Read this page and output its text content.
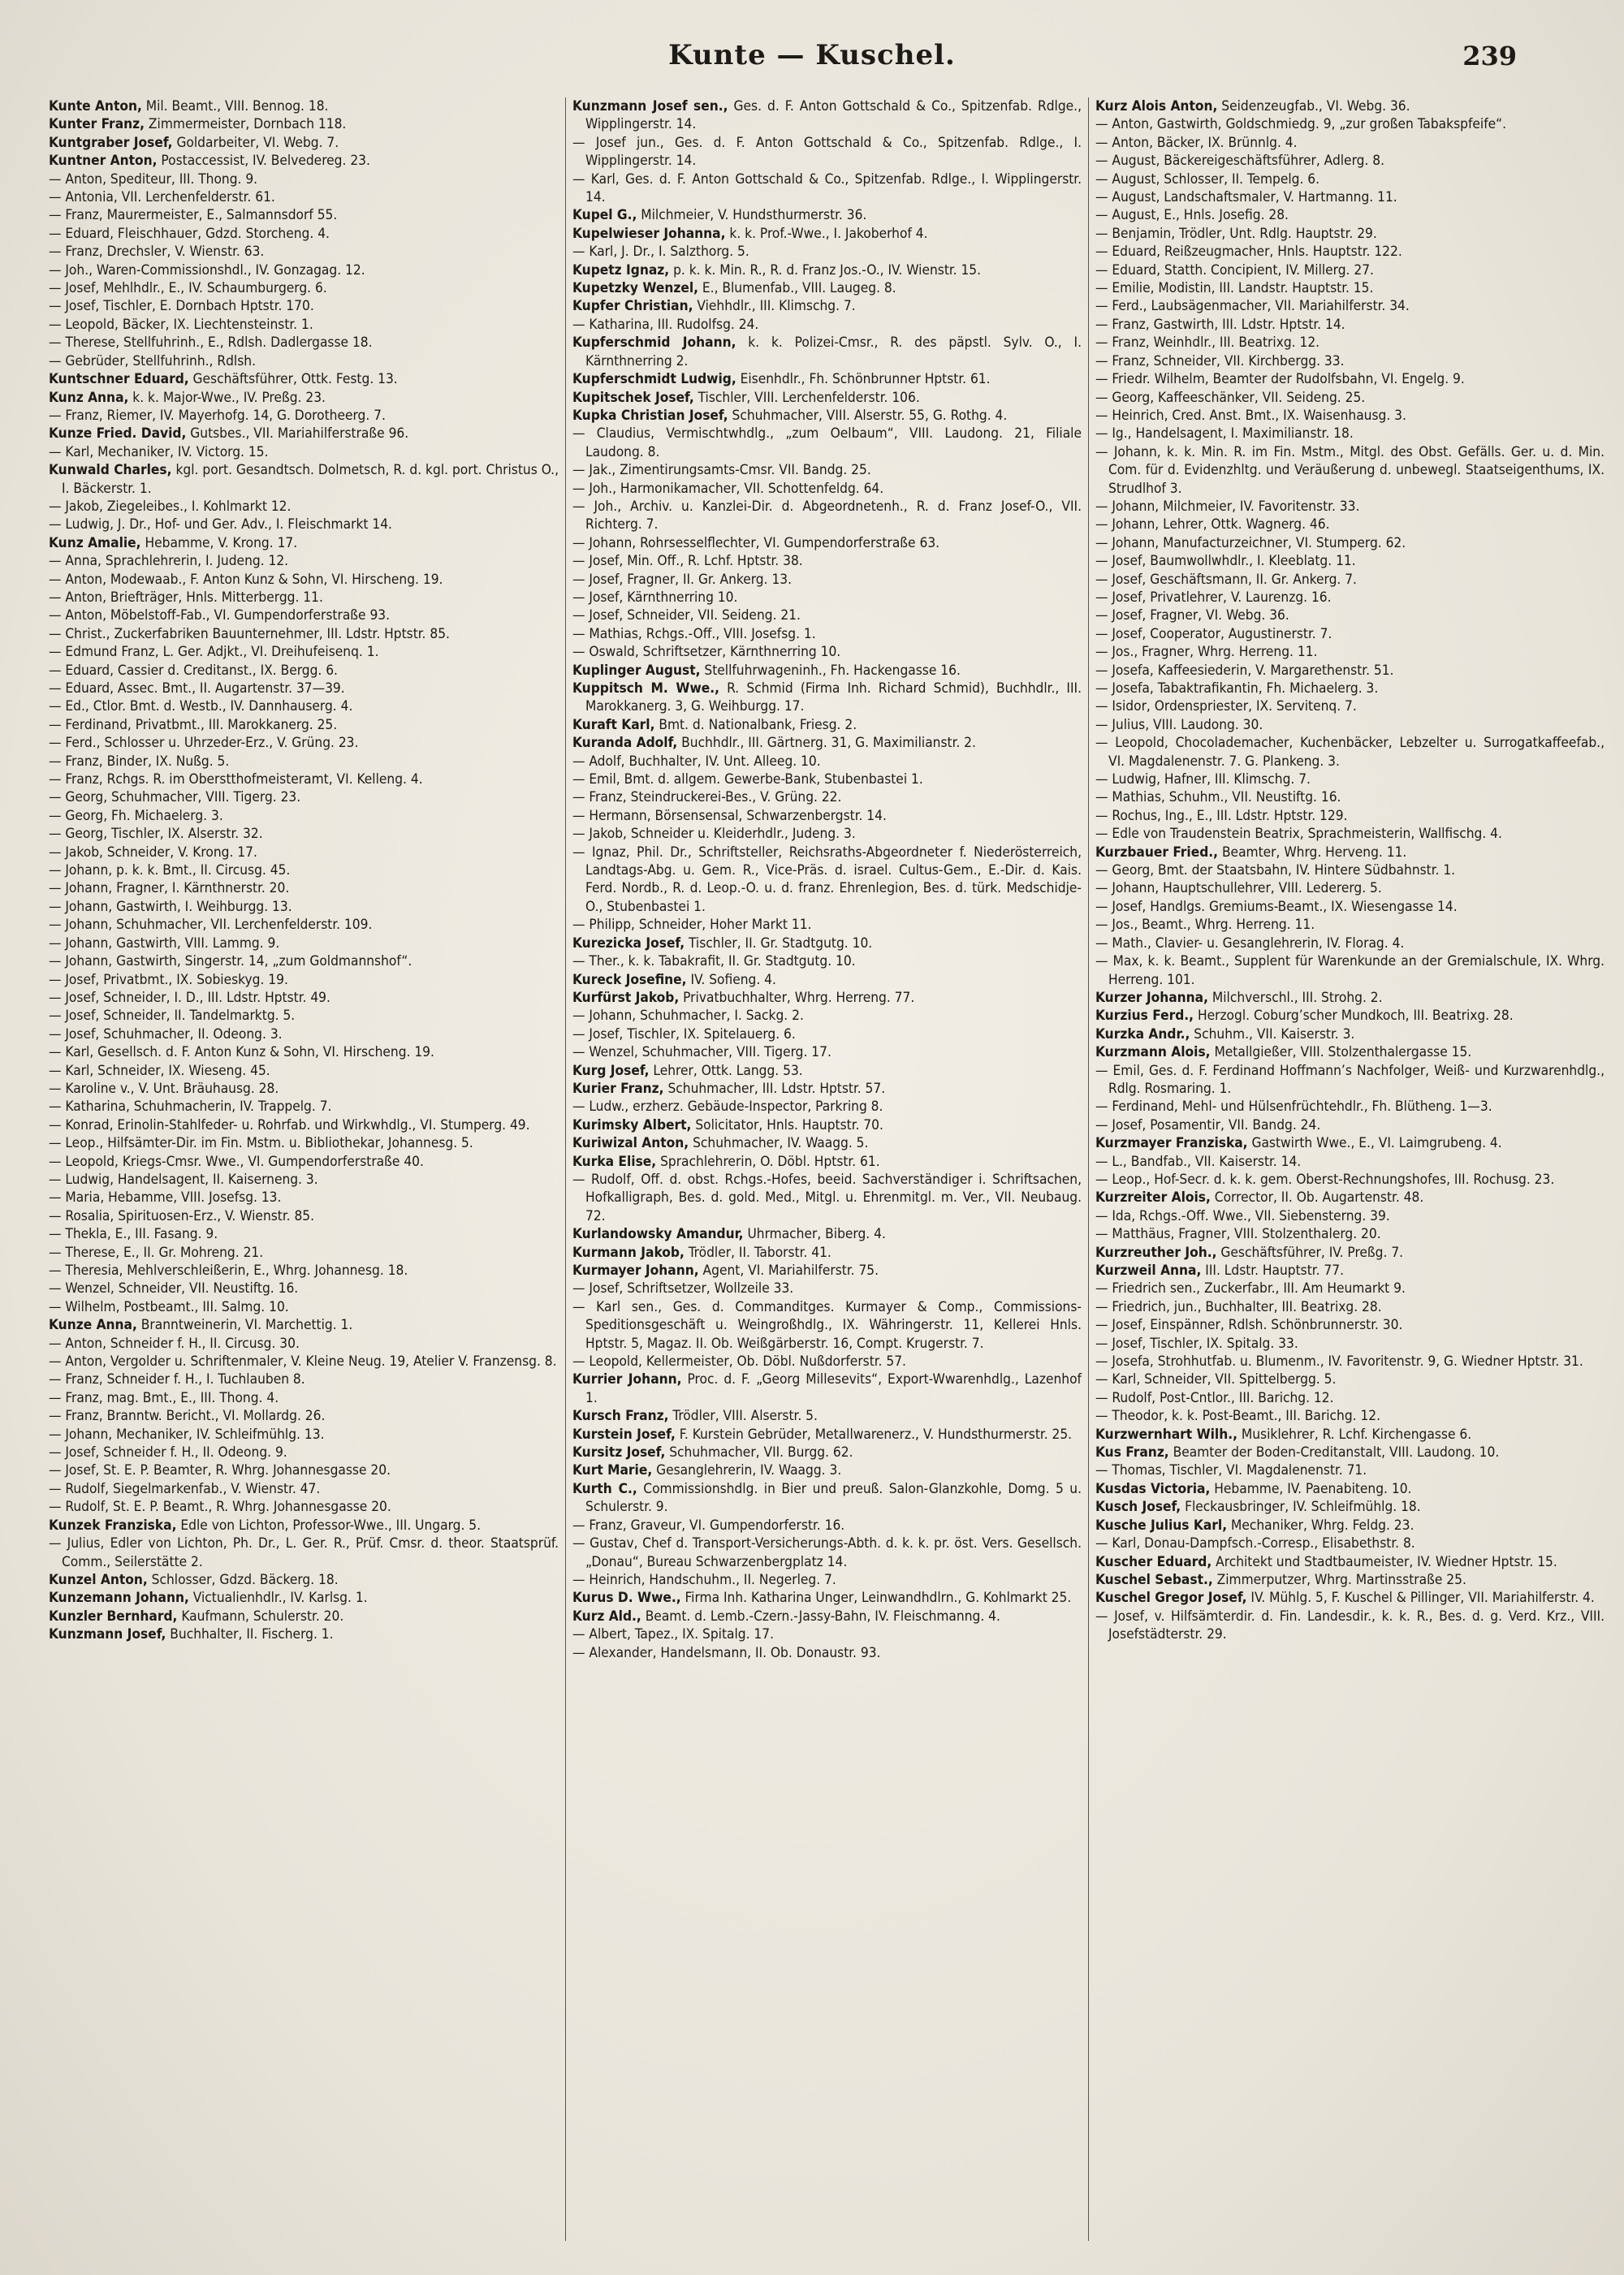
Kunte — Kuschel.	239

Kunte Anton, Mil. Beamt., VIII. Bennog. 18.

Kunter Franz, Zimmermeister, Dornbach 118.

Kuntgraber Josef, Goldarbeiter, VI. Webg. 7.

Kuntner Anton, Postaccessist, IV. Belvedereg. 23.

— Anton, Spediteur, III. Thong. 9.

— Antonia, VII. Lerchenfelderstr. 61.

— Franz, Maurermeister, E., Salmannsdorf 55.

— Eduard, Fleischhauer, Gdzd. Storcheng. 4.

— Franz, Drechsler, V. Wienstr. 63.

— Joh., Waren-Commissionshdl., IV. Gonzagag. 12.

— Josef, Mehlhdlr., E., IV. Schaumburgerg. 6.

— Josef, Tischler, E. Dornbach Hptstr. 170.

— Leopold, Bäcker, IX. Liechtensteinstr. 1.

— Therese, Stellfuhrinh., E., Rdlsh. Dadlergasse 18.

— Gebrüder, Stellfuhrinh., Rdlsh.

Kuntschner Eduard, Geschäftsführer, Ottk. Festg. 13.

Kunz Anna, k. k. Major-Wwe., IV. Preßg. 23.

— Franz, Riemer, IV. Mayerhofg. 14, G. Dorotheerg. 7.

Kunze Fried. David, Gutsbes., VII. Mariahilferstraße 96.

— Karl, Mechaniker, IV. Victorg. 15.

Kunwald Charles, kgl. port. Gesandtsch. Dolmetsch, R. d. kgl. port. Christus O., I. Bäckerstr. 1.

— Jakob, Ziegeleibes., I. Kohlmarkt 12.

— Ludwig, J. Dr., Hof- und Ger. Adv., I. Fleischmarkt 14.

Kunz Amalie, Hebamme, V. Krong. 17.

— Anna, Sprachlehrerin, I. Judeng. 12.

— Anton, Modewaab., F. Anton Kunz & Sohn, VI. Hirscheng. 19.

— Anton, Briefträger, Hnls. Mitterbergg. 11.

— Anton, Möbelstoff-Fab., VI. Gumpendorferstraße 93.

— Christ., Zuckerfabriken Bauunternehmer, III. Ldstr. Hptstr. 85.

— Edmund Franz, L. Ger. Adjkt., VI. Dreihufeisenq. 1.

— Eduard, Cassier d. Creditanst., IX. Bergg. 6.

— Eduard, Assec. Bmt., II. Augartenstr. 37—39.

— Ed., Ctlor. Bmt. d. Westb., IV. Dannhauserg. 4.

— Ferdinand, Privatbmt., III. Marokkanerg. 25.

— Ferd., Schlosser u. Uhrzeder-Erz., V. Grüng. 23.

— Franz, Binder, IX. Nußg. 5.

— Franz, Rchgs. R. im Oberstthofmeisteramt, VI. Kelleng. 4.

— Georg, Schuhmacher, VIII. Tigerg. 23.

— Georg, Fh. Michaelerg. 3.

— Georg, Tischler, IX. Alserstr. 32.

— Jakob, Schneider, V. Krong. 17.

— Johann, p. k. k. Bmt., II. Circusg. 45.

— Johann, Fragner, I. Kärnthnerstr. 20.

— Johann, Gastwirth, I. Weihburgg. 13.

— Johann, Schuhmacher, VII. Lerchenfelderstr. 109.

— Johann, Gastwirth, VIII. Lammg. 9.

— Johann, Gastwirth, Singerstr. 14, „zum Goldmannshof“.

— Josef, Privatbmt., IX. Sobieskyg. 19.

— Josef, Schneider, I. D., III. Ldstr. Hptstr. 49.

— Josef, Schneider, II. Tandelmarktg. 5.

— Josef, Schuhmacher, II. Odeong. 3.

— Karl, Gesellsch. d. F. Anton Kunz & Sohn, VI. Hirscheng. 19.

— Karl, Schneider, IX. Wieseng. 45.

— Karoline v., V. Unt. Bräuhausg. 28.

— Katharina, Schuhmacherin, IV. Trappelg. 7.

— Konrad, Erinolin-Stahlfeder- u. Rohrfab. und Wirkwhdlg., VI. Stumperg. 49.

— Leop., Hilfsämter-Dir. im Fin. Mstm. u. Bibliothekar, Johannesg. 5.

— Leopold, Kriegs-Cmsr. Wwe., VI. Gumpendorferstraße 40.

— Ludwig, Handelsagent, II. Kaiserneng. 3.

— Maria, Hebamme, VIII. Josefsg. 13.

— Rosalia, Spirituosen-Erz., V. Wienstr. 85.

— Thekla, E., III. Fasang. 9.

— Therese, E., II. Gr. Mohreng. 21.

— Theresia, Mehlverschleißerin, E., Whrg. Johannesg. 18.

— Wenzel, Schneider, VII. Neustiftg. 16.

— Wilhelm, Postbeamt., III. Salmg. 10.

Kunze Anna, Branntweinerin, VI. Marchettig. 1.

— Anton, Schneider f. H., II. Circusg. 30.

— Anton, Vergolder u. Schriftenmaler, V. Kleine Neug. 19, Atelier V. Franzensg. 8.

— Franz, Schneider f. H., I. Tuchlauben 8.

— Franz, mag. Bmt., E., III. Thong. 4.

— Franz, Branntw. Bericht., VI. Mollardg. 26.

— Johann, Mechaniker, IV. Schleifmühlg. 13.

— Josef, Schneider f. H., II. Odeong. 9.

— Josef, St. E. P. Beamter, R. Whrg. Johannesgasse 20.

— Rudolf, Siegelmarkenfab., V. Wienstr. 47.

— Rudolf, St. E. P. Beamt., R. Whrg. Johannesgasse 20.

Kunzek Franziska, Edle von Lichton, Professor-Wwe., III. Ungarg. 5.

— Julius, Edler von Lichton, Ph. Dr., L. Ger. R., Prüf. Cmsr. d. theor. Staatsprüf. Comm., Seilerstätte 2.

Kunzel Anton, Schlosser, Gdzd. Bäckerg. 18.

Kunzemann Johann, Victualienhdlr., IV. Karlsg. 1.

Kunzler Bernhard, Kaufmann, Schulerstr. 20.

Kunzmann Josef, Buchhalter, II. Fischerg. 1.

Kunzmann Josef sen., Ges. d. F. Anton Gottschald & Co., Spitzenfab. Rdlge., Wipplingerstr. 14.

— Josef jun., Ges. d. F. Anton Gottschald & Co., Spitzenfab. Rdlge., I. Wipplingerstr. 14.

— Karl, Ges. d. F. Anton Gottschald & Co., Spitzenfab. Rdlge., I. Wipplingerstr. 14.

Kupel G., Milchmeier, V. Hundsthurmerstr. 36.

Kupelwieser Johanna, k. k. Prof.-Wwe., I. Jakoberhof 4.

— Karl, J. Dr., I. Salzthorg. 5.

Kupetz Ignaz, p. k. k. Min. R., R. d. Franz Jos.-O., IV. Wienstr. 15.

Kupetzky Wenzel, E., Blumenfab., VIII. Laugeg. 8.

Kupfer Christian, Viehhdlr., III. Klimschg. 7.

— Katharina, III. Rudolfsg. 24.

Kupferschmid Johann, k. k. Polizei-Cmsr., R. des päpstl. Sylv. O., I. Kärnthnerring 2.

Kupferschmidt Ludwig, Eisenhdlr., Fh. Schönbrunner Hptstr. 61.

Kupitschek Josef, Tischler, VIII. Lerchenfelderstr. 106.

Kupka Christian Josef, Schuhmacher, VIII. Alserstr. 55, G. Rothg. 4.

— Claudius, Vermischtwhdlg., „zum Oelbaum“, VIII. Laudong. 21, Filiale Laudong. 8.

— Jak., Zimentirungsamts-Cmsr. VII. Bandg. 25.

— Joh., Harmonikamacher, VII. Schottenfeldg. 64.

— Joh., Archiv. u. Kanzlei-Dir. d. Abgeordnetenh., R. d. Franz Josef-O., VII. Richterg. 7.

— Johann, Rohrsesselflechter, VI. Gumpendorferstraße 63.

— Josef, Min. Off., R. Lchf. Hptstr. 38.

— Josef, Fragner, II. Gr. Ankerg. 13.

— Josef, Kärnthnerring 10.

— Josef, Schneider, VII. Seideng. 21.

— Mathias, Rchgs.-Off., VIII. Josefsg. 1.

— Oswald, Schriftsetzer, Kärnthnerring 10.

Kuplinger August, Stellfuhrwageninh., Fh. Hackengasse 16.

Kuppitsch M. Wwe., R. Schmid (Firma Inh. Richard Schmid), Buchhdlr., III. Marokkanerg. 3, G. Weihburgg. 17.

Kuraft Karl, Bmt. d. Nationalbank, Friesg. 2.

Kuranda Adolf, Buchhdlr., III. Gärtnerg. 31, G. Maximilianstr. 2.

— Adolf, Buchhalter, IV. Unt. Alleeg. 10.

— Emil, Bmt. d. allgem. Gewerbe-Bank, Stubenbastei 1.

— Franz, Steindruckerei-Bes., V. Grüng. 22.

— Hermann, Börsensensal, Schwarzenbergstr. 14.

— Jakob, Schneider u. Kleiderhdlr., Judeng. 3.

— Ignaz, Phil. Dr., Schriftsteller, Reichsraths-Abgeordneter f. Niederösterreich, Landtags-Abg. u. Gem. R., Vice-Präs. d. israel. Cultus-Gem., E.-Dir. d. Kais. Ferd. Nordb., R. d. Leop.-O. u. d. franz. Ehrenlegion, Bes. d. türk. Medschidje-O., Stubenbastei 1.

— Philipp, Schneider, Hoher Markt 11.

Kurezicka Josef, Tischler, II. Gr. Stadtgutg. 10.

— Ther., k. k. Tabakrafit, II. Gr. Stadtgutg. 10.

Kureck Josefine, IV. Sofieng. 4.

Kurfürst Jakob, Privatbuchhalter, Whrg. Herreng. 77.

— Johann, Schuhmacher, I. Sackg. 2.

— Josef, Tischler, IX. Spitelauerg. 6.

— Wenzel, Schuhmacher, VIII. Tigerg. 17.

Kurg Josef, Lehrer, Ottk. Langg. 53.

Kurier Franz, Schuhmacher, III. Ldstr. Hptstr. 57.

— Ludw., erzherz. Gebäude-Inspector, Parkring 8.

Kurimsky Albert, Solicitator, Hnls. Hauptstr. 70.

Kuriwizal Anton, Schuhmacher, IV. Waagg. 5.

Kurka Elise, Sprachlehrerin, O. Döbl. Hptstr. 61.

— Rudolf, Off. d. obst. Rchgs.-Hofes, beeid. Sachverständiger i. Schriftsachen, Hofkalligraph, Bes. d. gold. Med., Mitgl. u. Ehrenmitgl. m. Ver., VII. Neubaug. 72.

Kurlandowsky Amandur, Uhrmacher, Biberg. 4.

Kurmann Jakob, Trödler, II. Taborstr. 41.

Kurmayer Johann, Agent, VI. Mariahilferstr. 75.

— Josef, Schriftsetzer, Wollzeile 33.

— Karl sen., Ges. d. Commanditges. Kurmayer & Comp., Commissions-Speditionsgeschäft u. Weingroßhdlg., IX. Währingerstr. 11, Kellerei Hnls. Hptstr. 5, Magaz. II. Ob. Weißgärberstr. 16, Compt. Krugerstr. 7.

— Leopold, Kellermeister, Ob. Döbl. Nußdorferstr. 57.

Kurrier Johann, Proc. d. F. „Georg Millesevits“, Export-Wwarenhdlg., Lazenhof 1.

Kursch Franz, Trödler, VIII. Alserstr. 5.

Kurstein Josef, F. Kurstein Gebrüder, Metallwarenerz., V. Hundsthurmerstr. 25.

Kursitz Josef, Schuhmacher, VII. Burgg. 62.

Kurt Marie, Gesanglehrerin, IV. Waagg. 3.

Kurth C., Commissionshdlg. in Bier und preuß. Salon-Glanzkohle, Domg. 5 u. Schulerstr. 9.

— Franz, Graveur, VI. Gumpendorferstr. 16.

— Gustav, Chef d. Transport-Versicherungs-Abth. d. k. k. pr. öst. Vers. Gesellsch. „Donau“, Bureau Schwarzenbergplatz 14.

— Heinrich, Handschuhm., II. Negerleg. 7.

Kurus D. Wwe., Firma Inh. Katharina Unger, Leinwandhdlrn., G. Kohlmarkt 25.

Kurz Ald., Beamt. d. Lemb.-Czern.-Jassy-Bahn, IV. Fleischmanng. 4.

— Albert, Tapez., IX. Spitalg. 17.

— Alexander, Handelsmann, II. Ob. Donaustr. 93.

Kurz Alois Anton, Seidenzeugfab., VI. Webg. 36.

— Anton, Gastwirth, Goldschmiedg. 9, „zur großen Tabakspfeife“.

— Anton, Bäcker, IX. Brünnlg. 4.

— August, Bäckereigeschäftsführer, Adlerg. 8.

— August, Schlosser, II. Tempelg. 6.

— August, Landschaftsmaler, V. Hartmanng. 11.

— August, E., Hnls. Josefig. 28.

— Benjamin, Trödler, Unt. Rdlg. Hauptstr. 29.

— Eduard, Reißzeugmacher, Hnls. Hauptstr. 122.

— Eduard, Statth. Concipient, IV. Millerg. 27.

— Emilie, Modistin, III. Landstr. Hauptstr. 15.

— Ferd., Laubsägenmacher, VII. Mariahilferstr. 34.

— Franz, Gastwirth, III. Ldstr. Hptstr. 14.

— Franz, Weinhdlr., III. Beatrixg. 12.

— Franz, Schneider, VII. Kirchbergg. 33.

— Friedr. Wilhelm, Beamter der Rudolfsbahn, VI. Engelg. 9.

— Georg, Kaffeeschänker, VII. Seideng. 25.

— Heinrich, Cred. Anst. Bmt., IX. Waisenhausg. 3.

— Ig., Handelsagent, I. Maximilianstr. 18.

— Johann, k. k. Min. R. im Fin. Mstm., Mitgl. des Obst. Gefälls. Ger. u. d. Min. Com. für d. Evidenzhltg. und Veräußerung d. unbewegl. Staatseigenthums, IX. Strudlhof 3.

— Johann, Milchmeier, IV. Favoritenstr. 33.

— Johann, Lehrer, Ottk. Wagnerg. 46.

— Johann, Manufacturzeichner, VI. Stumperg. 62.

— Josef, Baumwollwhdlr., I. Kleeblatg. 11.

— Josef, Geschäftsmann, II. Gr. Ankerg. 7.

— Josef, Privatlehrer, V. Laurenzg. 16.

— Josef, Fragner, VI. Webg. 36.

— Josef, Cooperator, Augustinerstr. 7.

— Jos., Fragner, Whrg. Herreng. 11.

— Josefa, Kaffeesiederin, V. Margarethenstr. 51.

— Josefa, Tabaktrafikantin, Fh. Michaelerg. 3.

— Isidor, Ordenspriester, IX. Servitenq. 7.

— Julius, VIII. Laudong. 30.

— Leopold, Chocolademacher, Kuchenbäcker, Lebzelter u. Surrogatkaffeefab., VI. Magdalenenstr. 7. G. Plankeng. 3.

— Ludwig, Hafner, III. Klimschg. 7.

— Mathias, Schuhm., VII. Neustiftg. 16.

— Rochus, Ing., E., III. Ldstr. Hptstr. 129.

— Edle von Traudenstein Beatrix, Sprachmeisterin, Wallfischg. 4.

Kurzbauer Fried., Beamter, Whrg. Herveng. 11.

— Georg, Bmt. der Staatsbahn, IV. Hintere Südbahnstr. 1.

— Johann, Hauptschullehrer, VIII. Ledererg. 5.

— Josef, Handlgs. Gremiums-Beamt., IX. Wiesengasse 14.

— Jos., Beamt., Whrg. Herreng. 11.

— Math., Clavier- u. Gesanglehrerin, IV. Florag. 4.

— Max, k. k. Beamt., Supplent für Warenkunde an der Gremialschule, IX. Whrg. Herreng. 101.

Kurzer Johanna, Milchverschl., III. Strohg. 2.

Kurzius Ferd., Herzogl. Coburg’scher Mundkoch, III. Beatrixg. 28.

Kurzka Andr., Schuhm., VII. Kaiserstr. 3.

Kurzmann Alois, Metallgießer, VIII. Stolzenthalergasse 15.

— Emil, Ges. d. F. Ferdinand Hoffmann’s Nachfolger, Weiß- und Kurzwarenhdlg., Rdlg. Rosmaring. 1.

— Ferdinand, Mehl- und Hülsenfrüchtehdlr., Fh. Blütheng. 1—3.

— Josef, Posamentir, VII. Bandg. 24.

Kurzmayer Franziska, Gastwirth Wwe., E., VI. Laimgrubeng. 4.

— L., Bandfab., VII. Kaiserstr. 14.

— Leop., Hof-Secr. d. k. k. gem. Oberst-Rechnungshofes, III. Rochusg. 23.

Kurzreiter Alois, Corrector, II. Ob. Augartenstr. 48.

— Ida, Rchgs.-Off. Wwe., VII. Siebensterng. 39.

— Matthäus, Fragner, VIII. Stolzenthalerg. 20.

Kurzreuther Joh., Geschäftsführer, IV. Preßg. 7.

Kurzweil Anna, III. Ldstr. Hauptstr. 77.

— Friedrich sen., Zuckerfabr., III. Am Heumarkt 9.

— Friedrich, jun., Buchhalter, III. Beatrixg. 28.

— Josef, Einspänner, Rdlsh. Schönbrunnerstr. 30.

— Josef, Tischler, IX. Spitalg. 33.

— Josefa, Strohhutfab. u. Blumenm., IV. Favoritenstr. 9, G. Wiedner Hptstr. 31.

— Karl, Schneider, VII. Spittelbergg. 5.

— Rudolf, Post-Cntlor., III. Barichg. 12.

— Theodor, k. k. Post-Beamt., III. Barichg. 12.

Kurzwernhart Wilh., Musiklehrer, R. Lchf. Kirchengasse 6.

Kus Franz, Beamter der Boden-Creditanstalt, VIII. Laudong. 10.

— Thomas, Tischler, VI. Magdalenenstr. 71.

Kusdas Victoria, Hebamme, IV. Paenabiteng. 10.

Kusch Josef, Fleckausbringer, IV. Schleifmühlg. 18.

Kusche Julius Karl, Mechaniker, Whrg. Feldg. 23.

— Karl, Donau-Dampfsch.-Corresp., Elisabethstr. 8.

Kuscher Eduard, Architekt und Stadtbaumeister, IV. Wiedner Hptstr. 15.

Kuschel Sebast., Zimmerputzer, Whrg. Martinsstraße 25.

Kuschel Gregor Josef, IV. Mühlg. 5, F. Kuschel & Pillinger, VII. Mariahilferstr. 4.

— Josef, v. Hilfsämterdir. d. Fin. Landesdir., k. k. R., Bes. d. g. Verd. Krz., VIII. Josefstädterstr. 29.
